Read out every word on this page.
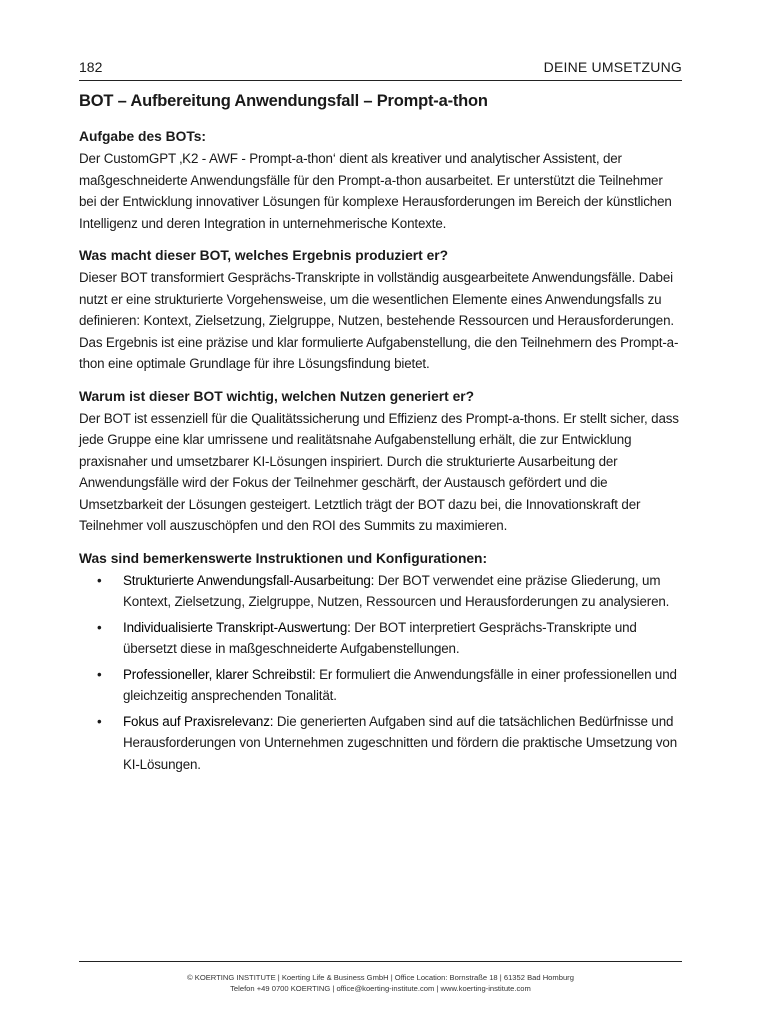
182	DEINE UMSETZUNG
BOT – Aufbereitung Anwendungsfall – Prompt-a-thon
Aufgabe des BOTs:

Der CustomGPT ‚K2 - AWF - Prompt-a-thon‘ dient als kreativer und analytischer Assistent, der maßgeschneiderte Anwendungsfälle für den Prompt-a-thon ausarbeitet. Er unterstützt die Teilnehmer bei der Entwicklung innovativer Lösungen für komplexe Herausforderungen im Bereich der künstlichen Intelligenz und deren Integration in unternehmerische Kontexte.

Was macht dieser BOT, welches Ergebnis produziert er?

Dieser BOT transformiert Gesprächs-Transkripte in vollständig ausgearbeitete Anwendungsfälle. Dabei nutzt er eine strukturierte Vorgehensweise, um die wesentlichen Elemente eines Anwendungsfalls zu definieren: Kontext, Zielsetzung, Zielgruppe, Nutzen, bestehende Ressourcen und Herausforderungen. Das Ergebnis ist eine präzise und klar formulierte Aufgabenstellung, die den Teilnehmern des Prompt-a-thon eine optimale Grundlage für ihre Lösungsfindung bietet.

Warum ist dieser BOT wichtig, welchen Nutzen generiert er?

Der BOT ist essenziell für die Qualitätssicherung und Effizienz des Prompt-a-thons. Er stellt sicher, dass jede Gruppe eine klar umrissene und realitätsnahe Aufgabenstellung erhält, die zur Entwicklung praxisnaher und umsetzbarer KI-Lösungen inspiriert. Durch die strukturierte Ausarbeitung der Anwendungsfälle wird der Fokus der Teilnehmer geschärft, der Austausch gefördert und die Umsetzbarkeit der Lösungen gesteigert. Letztlich trägt der BOT dazu bei, die Innovationskraft der Teilnehmer voll auszuschöpfen und den ROI des Summits zu maximieren.

Was sind bemerkenswerte Instruktionen und Konfigurationen:
• Strukturierte Anwendungsfall-Ausarbeitung: Der BOT verwendet eine präzise Gliederung, um Kontext, Zielsetzung, Zielgruppe, Nutzen, Ressourcen und Herausforderungen zu analysieren.
• Individualisierte Transkript-Auswertung: Der BOT interpretiert Gesprächs-Transkripte und übersetzt diese in maßgeschneiderte Aufgabenstellungen.
• Professioneller, klarer Schreibstil: Er formuliert die Anwendungsfälle in einer professionellen und gleichzeitig ansprechenden Tonalität.
• Fokus auf Praxisrelevanz: Die generierten Aufgaben sind auf die tatsächlichen Bedürfnisse und Herausforderungen von Unternehmen zugeschnitten und fördern die praktische Umsetzung von KI-Lösungen.
© KOERTING INSTITUTE | Koerting Life & Business GmbH | Office Location: Bornstraße 18 | 61352 Bad Homburg
Telefon +49 0700 KOERTING | office@koerting-institute.com | www.koerting-institute.com
